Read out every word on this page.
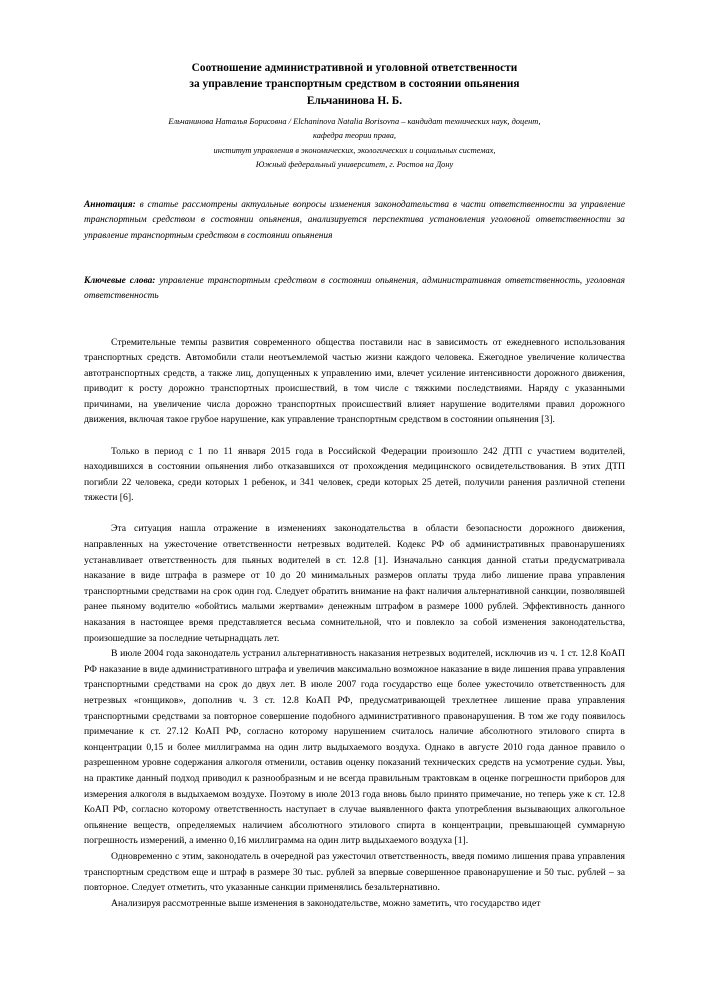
Соотношение административной и уголовной ответственности
за управление транспортным средством в состоянии опьянения
Ельчанинова Н. Б.
Ельчанинова Наталья Борисовна / Elchaninova Natalia Borisovna – кандидат технических наук, доцент,
кафедра теории права,
институт управления в экономических, экологических и социальных системах,
Южный федеральный университет, г. Ростов на Дону
Аннотация: в статье рассмотрены актуальные вопросы изменения законодательства в части ответственности за управление транспортным средством в состоянии опьянения, анализируется перспектива установления уголовной ответственности за управление транспортным средством в состоянии опьянения
Ключевые слова: управление транспортным средством в состоянии опьянения, административная ответственность, уголовная ответственность

Стремительные темпы развития современного общества поставили нас в зависимость от ежедневного использования транспортных средств. Автомобили стали неотъемлемой частью жизни каждого человека. Ежегодное увеличение количества автотранспортных средств, а также лиц, допущенных к управлению ими, влечет усиление интенсивности дорожного движения, приводит к росту дорожно транспортных происшествий, в том числе с тяжкими последствиями. Наряду с указанными причинами, на увеличение числа дорожно транспортных происшествий влияет нарушение водителями правил дорожного движения, включая такое грубое нарушение, как управление транспортным средством в состоянии опьянения [3].

Только в период с 1 по 11 января 2015 года в Российской Федерации произошло 242 ДТП с участием водителей, находившихся в состоянии опьянения либо отказавшихся от прохождения медицинского освидетельствования. В этих ДТП погибли 22 человека, среди которых 1 ребенок, и 341 человек, среди которых 25 детей, получили ранения различной степени тяжести [6].

Эта ситуация нашла отражение в изменениях законодательства в области безопасности дорожного движения, направленных на ужесточение ответственности нетрезвых водителей. Кодекс РФ об административных правонарушениях устанавливает ответственность для пьяных водителей в ст. 12.8 [1]. Изначально санкция данной статьи предусматривала наказание в виде штрафа в размере от 10 до 20 минимальных размеров оплаты труда либо лишение права управления транспортными средствами на срок один год. Следует обратить внимание на факт наличия альтернативной санкции, позволявшей ранее пьяному водителю «обойтись малыми жертвами» денежным штрафом в размере 1000 рублей. Эффективность данного наказания в настоящее время представляется весьма сомнительной, что и повлекло за собой изменения законодательства, произошедшие за последние четырнадцать лет.

В июле 2004 года законодатель устранил альтернативность наказания нетрезвых водителей, исключив из ч. 1 ст. 12.8 КоАП РФ наказание в виде административного штрафа и увеличив максимально возможное наказание в виде лишения права управления транспортными средствами на срок до двух лет. В июле 2007 года государство еще более ужесточило ответственность для нетрезвых «гонщиков», дополнив ч. 3 ст. 12.8 КоАП РФ, предусматривающей трехлетнее лишение права управления транспортными средствами за повторное совершение подобного административного правонарушения. В том же году появилось примечание к ст. 27.12 КоАП РФ, согласно которому нарушением считалось наличие абсолютного этилового спирта в концентрации 0,15 и более миллиграмма на один литр выдыхаемого воздуха. Однако в августе 2010 года данное правило о разрешенном уровне содержания алкоголя отменили, оставив оценку показаний технических средств на усмотрение судьи. Увы, на практике данный подход приводил к разнообразным и не всегда правильным трактовкам в оценке погрешности приборов для измерения алкоголя в выдыхаемом воздухе. Поэтому в июле 2013 года вновь было принято примечание, но теперь уже к ст. 12.8 КоАП РФ, согласно которому ответственность наступает в случае выявленного факта употребления вызывающих алкогольное опьянение веществ, определяемых наличием абсолютного этилового спирта в концентрации, превышающей суммарную погрешность измерений, а именно 0,16 миллиграмма на один литр выдыхаемого воздуха [1].

Одновременно с этим, законодатель в очередной раз ужесточил ответственность, введя помимо лишения права управления транспортным средством еще и штраф в размере 30 тыс. рублей за впервые совершенное правонарушение и 50 тыс. рублей – за повторное. Следует отметить, что указанные санкции применялись безальтернативно.

Анализируя рассмотренные выше изменения в законодательстве, можно заметить, что государство идет
